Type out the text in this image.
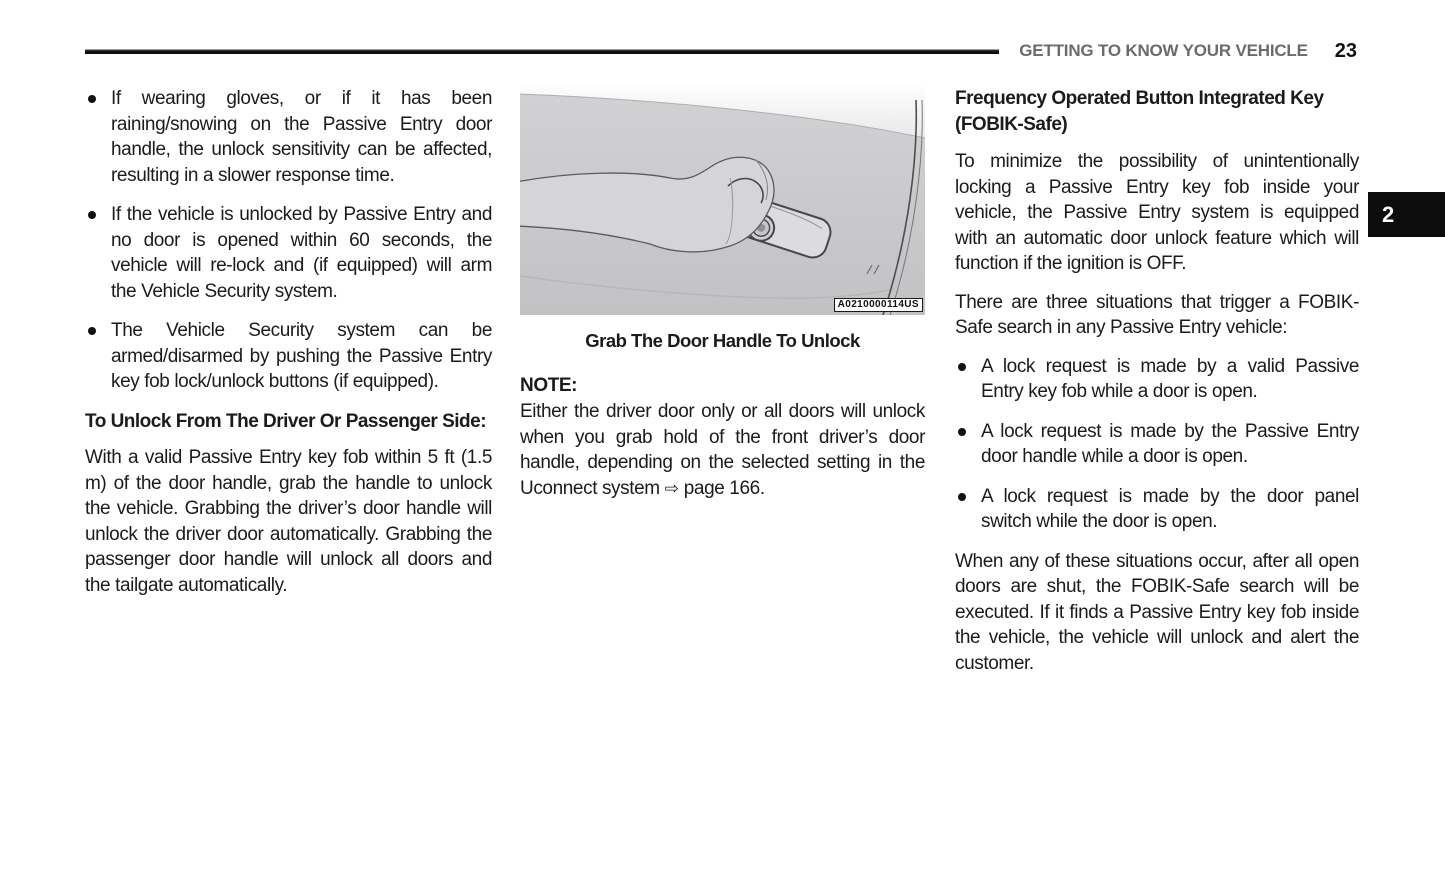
GETTING TO KNOW YOUR VEHICLE 23
2
If wearing gloves, or if it has been raining/snowing on the Passive Entry door handle, the unlock sensitivity can be affected, resulting in a slower response time.
If the vehicle is unlocked by Passive Entry and no door is opened within 60 seconds, the vehicle will re-lock and (if equipped) will arm the Vehicle Security system.
The Vehicle Security system can be armed/disarmed by pushing the Passive Entry key fob lock/unlock buttons (if equipped).
To Unlock From The Driver Or Passenger Side:

With a valid Passive Entry key fob within 5 ft (1.5 m) of the door handle, grab the handle to unlock the vehicle. Grabbing the driver’s door handle will unlock the driver door automatically. Grabbing the passenger door handle will unlock all doors and the tailgate automatically.

A0210000114US
Grab The Door Handle To Unlock

NOTE:

Either the driver door only or all doors will unlock when you grab hold of the front driver’s door handle, depending on the selected setting in the Uconnect system ⇨ page 166.

Frequency Operated Button Integrated Key (FOBIK-Safe)

To minimize the possibility of unintentionally locking a Passive Entry key fob inside your vehicle, the Passive Entry system is equipped with an automatic door unlock feature which will function if the ignition is OFF.

There are three situations that trigger a FOBIK-Safe search in any Passive Entry vehicle:

A lock request is made by a valid Passive Entry key fob while a door is open.
A lock request is made by the Passive Entry door handle while a door is open.
A lock request is made by the door panel switch while the door is open.

When any of these situations occur, after all open doors are shut, the FOBIK-Safe search will be executed. If it finds a Passive Entry key fob inside the vehicle, the vehicle will unlock and alert the customer.
